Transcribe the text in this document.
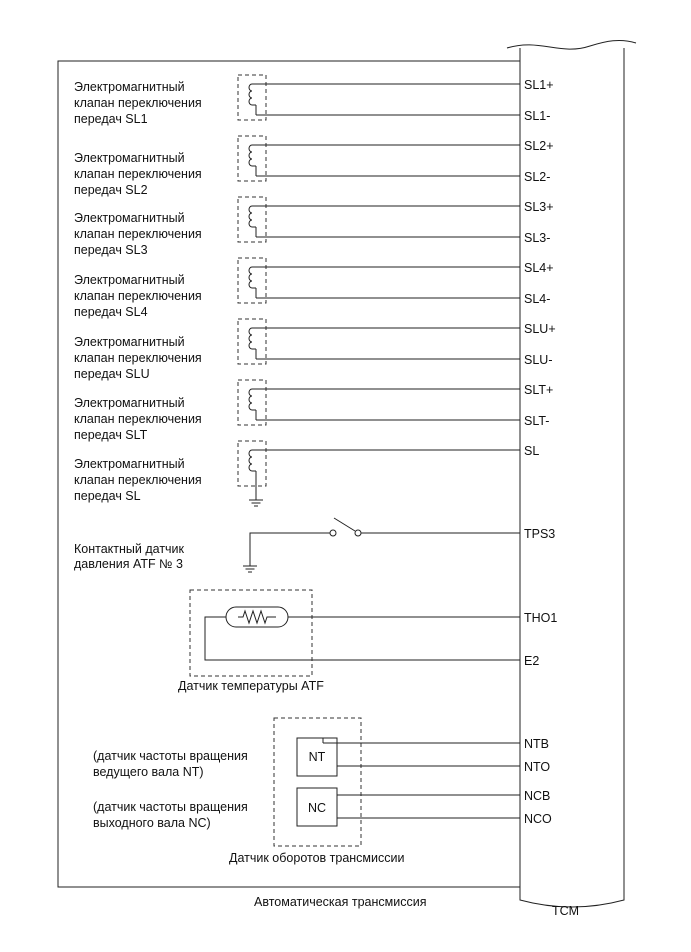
TCM
Электромагнитный
клапан переключения
передач SL1
SL1+
SL1-
Электромагнитный
клапан переключения
передач SL2
SL2+
SL2-
Электромагнитный
клапан переключения
передач SL3
SL3+
SL3-
Электромагнитный
клапан переключения
передач SL4
SL4+
SL4-
Электромагнитный
клапан переключения
передач SLU
SLU+
SLU-
Электромагнитный
клапан переключения
передач SLT
SLT+
SLT-
Электромагнитный
клапан переключения
передач SL
SL
Контактный датчик
давления ATF № 3
TPS3
Датчик температуры ATF
THO1
E2
(датчик частоты вращения
ведущего вала NT)
NT
NTB
NTO
(датчик частоты вращения
выходного вала NC)
NC
NCB
NCO
Датчик оборотов трансмиссии
Автоматическая трансмиссия
